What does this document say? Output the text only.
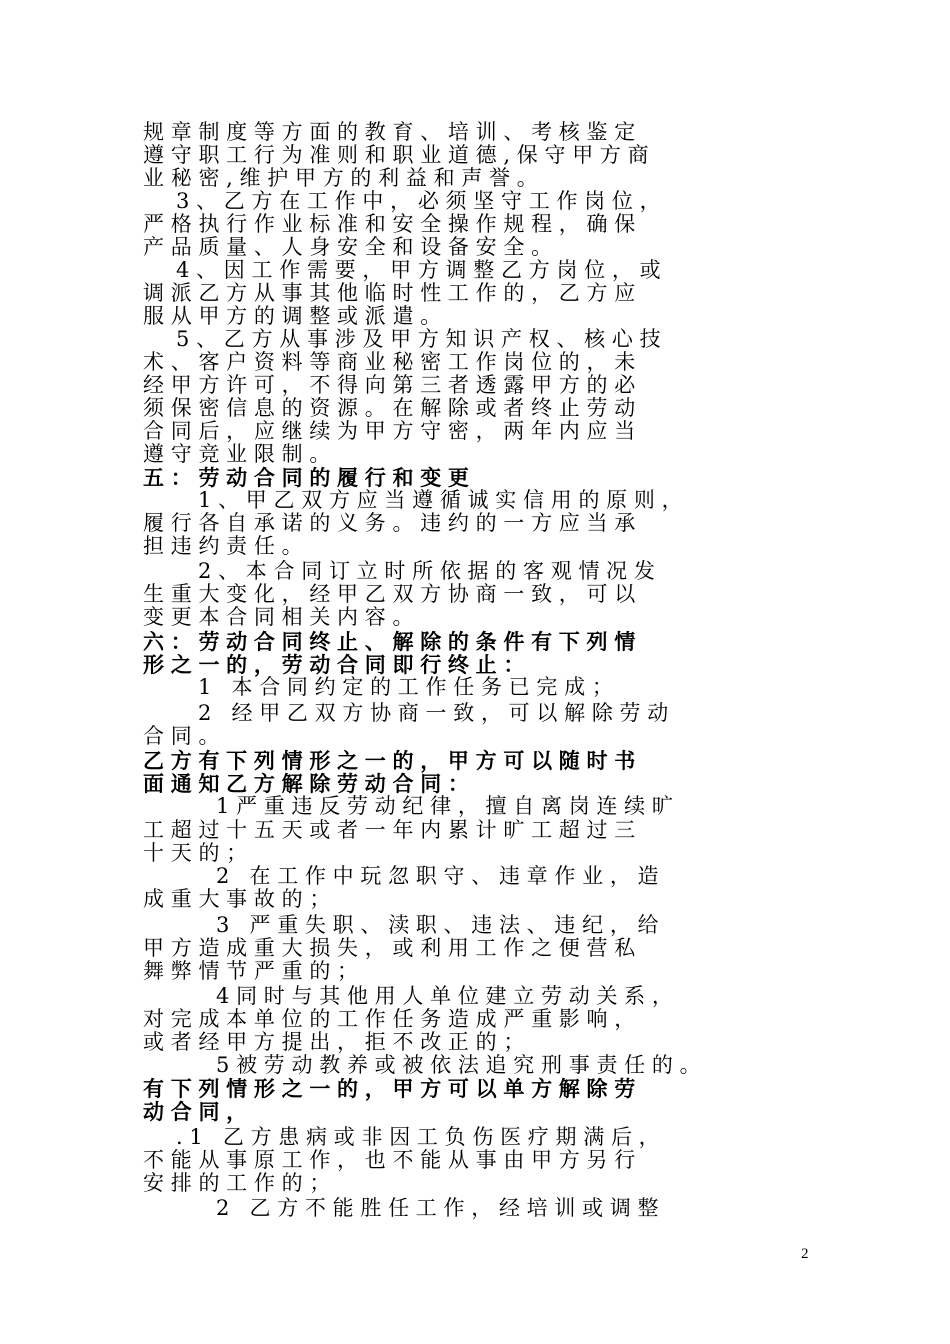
规章制度等方面的教育、培训、考核鉴定
遵守职工行为准则和职业道德,保守甲方商
业秘密,维护甲方的利益和声誉。
3、乙方在工作中，必须坚守工作岗位，
严格执行作业标准和安全操作规程，确保
产品质量、人身安全和设备安全。
4、因工作需要，甲方调整乙方岗位，或
调派乙方从事其他临时性工作的，乙方应
服从甲方的调整或派遣。
5、乙方从事涉及甲方知识产权、核心技
术、客户资料等商业秘密工作岗位的，未
经甲方许可，不得向第三者透露甲方的必
须保密信息的资源。在解除或者终止劳动
合同后，应继续为甲方守密，两年内应当
遵守竞业限制。
五：劳动合同的履行和变更
1、甲乙双方应当遵循诚实信用的原则，
履行各自承诺的义务。违约的一方应当承
担违约责任。
2、本合同订立时所依据的客观情况发
生重大变化，经甲乙双方协商一致，可以
变更本合同相关内容。
六：劳动合同终止、解除的条件有下列情
形之一的，劳动合同即行终止：
1 本合同约定的工作任务已完成；
2 经甲乙双方协商一致，可以解除劳动
合同。
乙方有下列情形之一的，甲方可以随时书
面通知乙方解除劳动合同：
1严重违反劳动纪律，擅自离岗连续旷
工超过十五天或者一年内累计旷工超过三
十天的；
2 在工作中玩忽职守、违章作业，造
成重大事故的；
3 严重失职、渎职、违法、违纪，给
甲方造成重大损失，或利用工作之便营私
舞弊情节严重的；
4同时与其他用人单位建立劳动关系，
对完成本单位的工作任务造成严重影响，
或者经甲方提出，拒不改正的；
5被劳动教养或被依法追究刑事责任的。
有下列情形之一的，甲方可以单方解除劳
动合同，
.1 乙方患病或非因工负伤医疗期满后，
不能从事原工作，也不能从事由甲方另行
安排的工作的；
2 乙方不能胜任工作，经培训或调整
2
